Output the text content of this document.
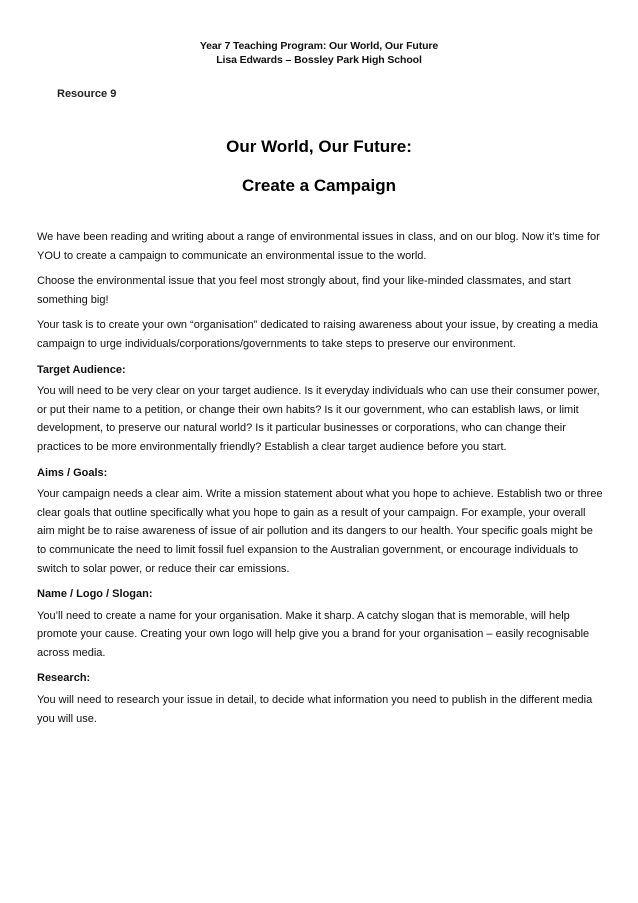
Year 7 Teaching Program: Our World, Our Future
Lisa Edwards – Bossley Park High School
Resource 9
Our World, Our Future:
Create a Campaign

We have been reading and writing about a range of environmental issues in class, and on our blog. Now it’s time for YOU to create a campaign to communicate an environmental issue to the world.

Choose the environmental issue that you feel most strongly about, find your like-minded classmates, and start something big!

Your task is to create your own “organisation” dedicated to raising awareness about your issue, by creating a media campaign to urge individuals/corporations/governments to take steps to preserve our environment.

Target Audience:

You will need to be very clear on your target audience. Is it everyday individuals who can use their consumer power, or put their name to a petition, or change their own habits? Is it our government, who can establish laws, or limit development, to preserve our natural world? Is it particular businesses or corporations, who can change their practices to be more environmentally friendly? Establish a clear target audience before you start.

Aims / Goals:

Your campaign needs a clear aim. Write a mission statement about what you hope to achieve. Establish two or three clear goals that outline specifically what you hope to gain as a result of your campaign. For example, your overall aim might be to raise awareness of issue of air pollution and its dangers to our health. Your specific goals might be to communicate the need to limit fossil fuel expansion to the Australian government, or encourage individuals to switch to solar power, or reduce their car emissions.

Name / Logo / Slogan:

You’ll need to create a name for your organisation. Make it sharp. A catchy slogan that is memorable, will help promote your cause. Creating your own logo will help give you a brand for your organisation – easily recognisable across media.

Research:

You will need to research your issue in detail, to decide what information you need to publish in the different media you will use.
